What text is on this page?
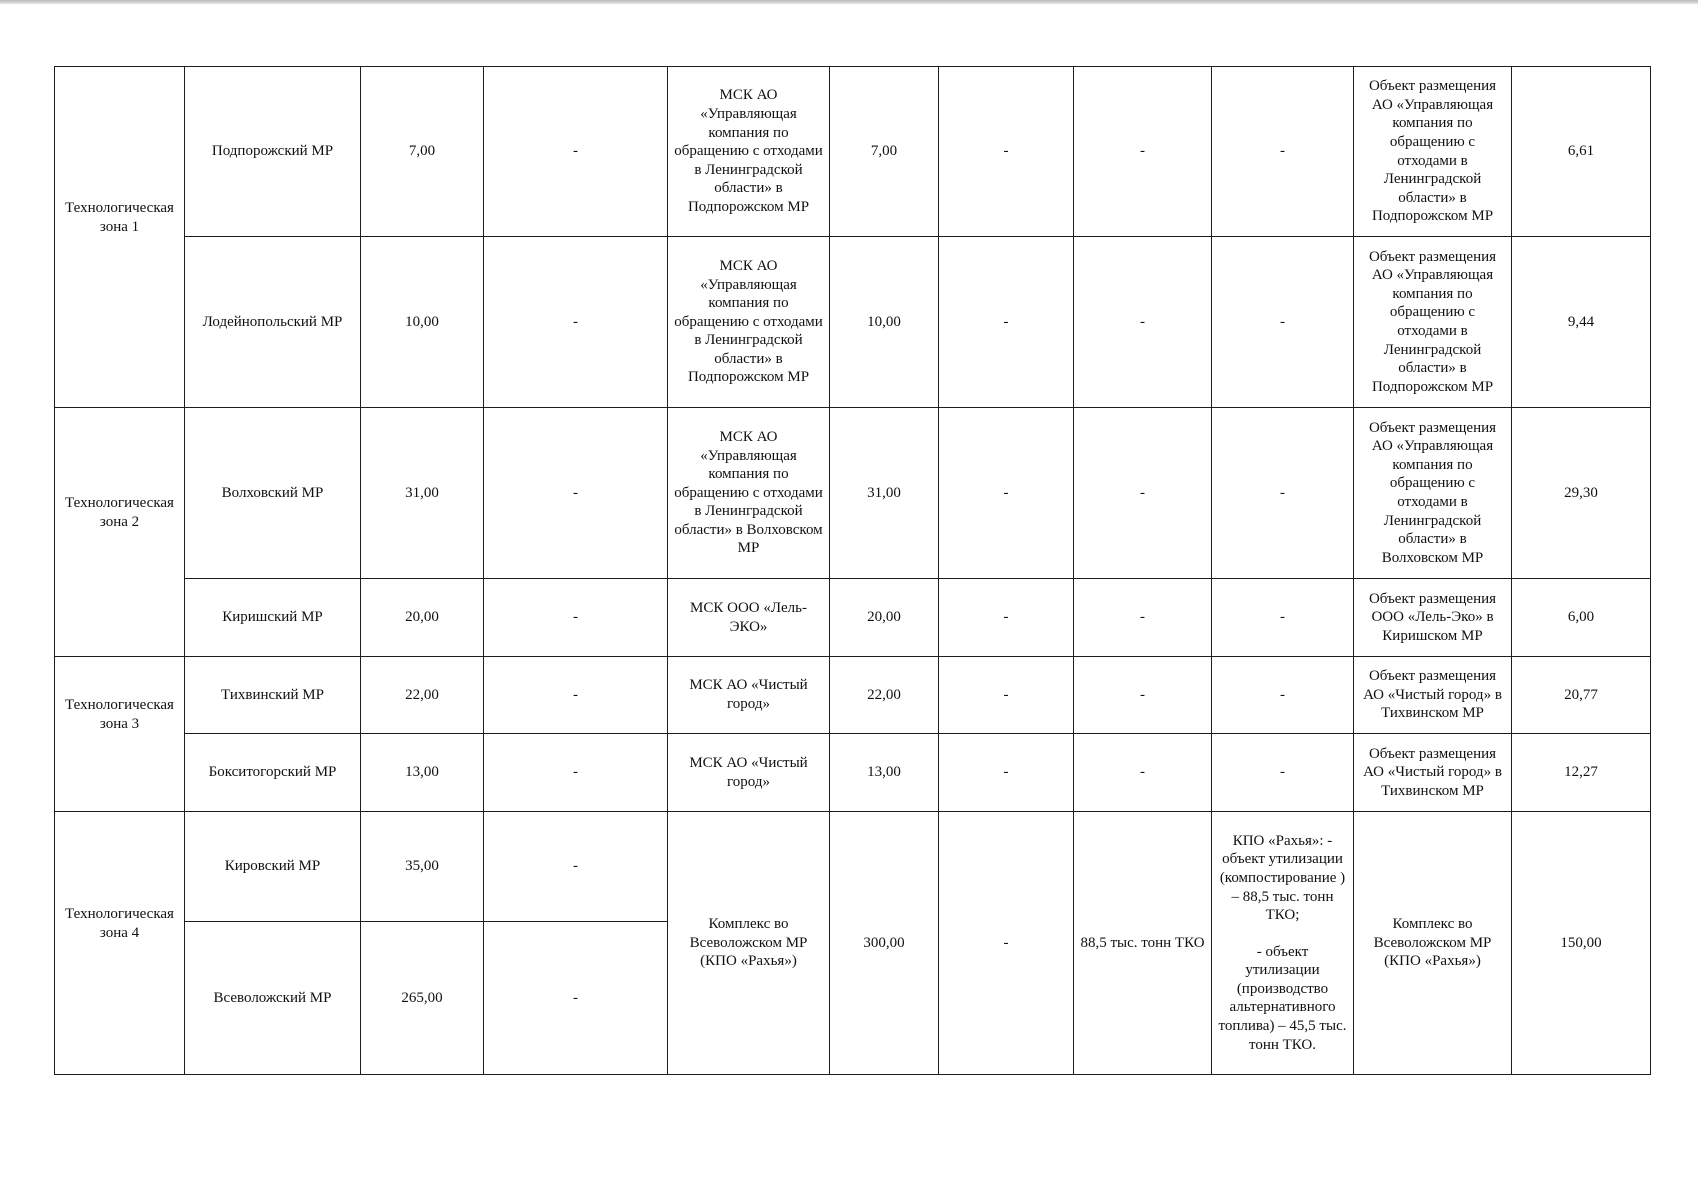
Технологическая зона 1	Подпорожский МР	7,00	-	МСК АО «Управляющая компания по обращению с отходами в Ленинградской области» в Подпорожском МР	7,00	-	-	-	Объект размещения АО «Управляющая компания по обращению с отходами в Ленинградской области» в Подпорожском МР	6,61
	Лодейнопольский МР	10,00	-	МСК АО «Управляющая компания по обращению с отходами в Ленинградской области» в Подпорожском МР	10,00	-	-	-	Объект размещения АО «Управляющая компания по обращению с отходами в Ленинградской области» в Подпорожском МР	9,44
Технологическая зона 2	Волховский МР	31,00	-	МСК АО «Управляющая компания по обращению с отходами в Ленинградской области» в Волховском МР	31,00	-	-	-	Объект размещения АО «Управляющая компания по обращению с отходами в Ленинградской области» в Волховском МР	29,30
	Киришский МР	20,00	-	МСК ООО «Лель-ЭКО»	20,00	-	-	-	Объект размещения ООО «Лель-Эко» в Киришском МР	6,00
Технологическая зона 3	Тихвинский МР	22,00	-	МСК АО «Чистый город»	22,00	-	-	-	Объект размещения АО «Чистый город» в Тихвинском МР	20,77
	Бокситогорский МР	13,00	-	МСК АО «Чистый город»	13,00	-	-	-	Объект размещения АО «Чистый город» в Тихвинском МР	12,27
Технологическая зона 4	Кировский МР	35,00	-	Комплекс во Всеволожском МР (КПО «Рахья»)	300,00	-	88,5 тыс. тонн ТКО	КПО «Рахья»: - объект утилизации (компостирование ) – 88,5 тыс. тонн ТКО;
- объект утилизации (производство альтернативного топлива) – 45,5 тыс. тонн ТКО.	Комплекс во Всеволожском МР (КПО «Рахья»)	150,00
	Всеволожский МР	265,00	-							
